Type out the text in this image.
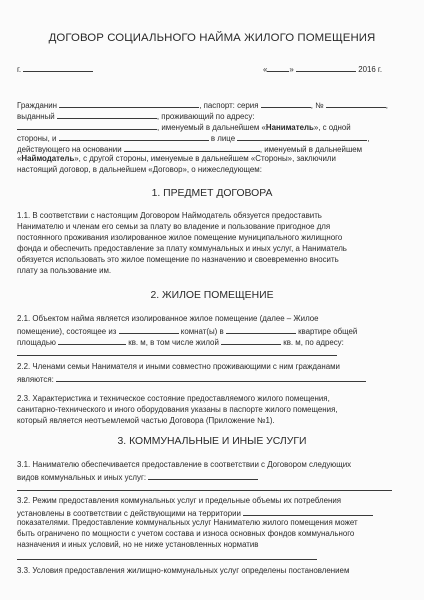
ДОГОВОР СОЦИАЛЬНОГО НАЙМА ЖИЛОГО ПОМЕЩЕНИЯ
г.	«	»	2016 г.
Гражданин	, паспорт: серия	, №	,
выданный	, проживающий по адресу:
, именуемый в дальнейшем «Наниматель», с одной
стороны, и	в лице	,
действующего на основании	, именуемый в дальнейшем
«Наймодатель», с другой стороны, именуемые в дальнейшем «Стороны», заключили
настоящий договор, в дальнейшем «Договор», о нижеследующем:
1. ПРЕДМЕТ ДОГОВОРА
1.1. В соответствии с настоящим Договором Наймодатель обязуется предоставить
Нанимателю и членам его семьи за плату во владение и пользование пригодное для
постоянного проживания изолированное жилое помещение муниципального жилищного
фонда и обеспечить предоставление за плату коммунальных и иных услуг, а Наниматель
обязуется использовать это жилое помещение по назначению и своевременно вносить
плату за пользование им.
2. ЖИЛОЕ ПОМЕЩЕНИЕ
2.1. Объектом найма является изолированное жилое помещение (далее – Жилое
помещение), состоящее из	комнат(ы) в	квартире общей
площадью	кв. м, в том числе жилой	кв. м, по адресу:
2.2. Членами семьи Нанимателя и иными совместно проживающими с ним гражданами
являются:
2.3. Характеристика и техническое состояние предоставляемого жилого помещения,
санитарно-технического и иного оборудования указаны в паспорте жилого помещения,
который является неотъемлемой частью Договора (Приложение №1).
3. КОММУНАЛЬНЫЕ И ИНЫЕ УСЛУГИ
3.1. Нанимателю обеспечивается предоставление в соответствии с Договором следующих
видов коммунальных и иных услуг:
3.2. Режим предоставления коммунальных услуг и предельные объемы их потребления
установлены в соответствии с действующими на территории
показателями. Предоставление коммунальных услуг Нанимателю жилого помещения может
быть ограничено по мощности с учетом состава и износа основных фондов коммунального
назначения и иных условий, но не ниже установленных норматив
3.3. Условия предоставления жилищно-коммунальных услуг определены постановлением
